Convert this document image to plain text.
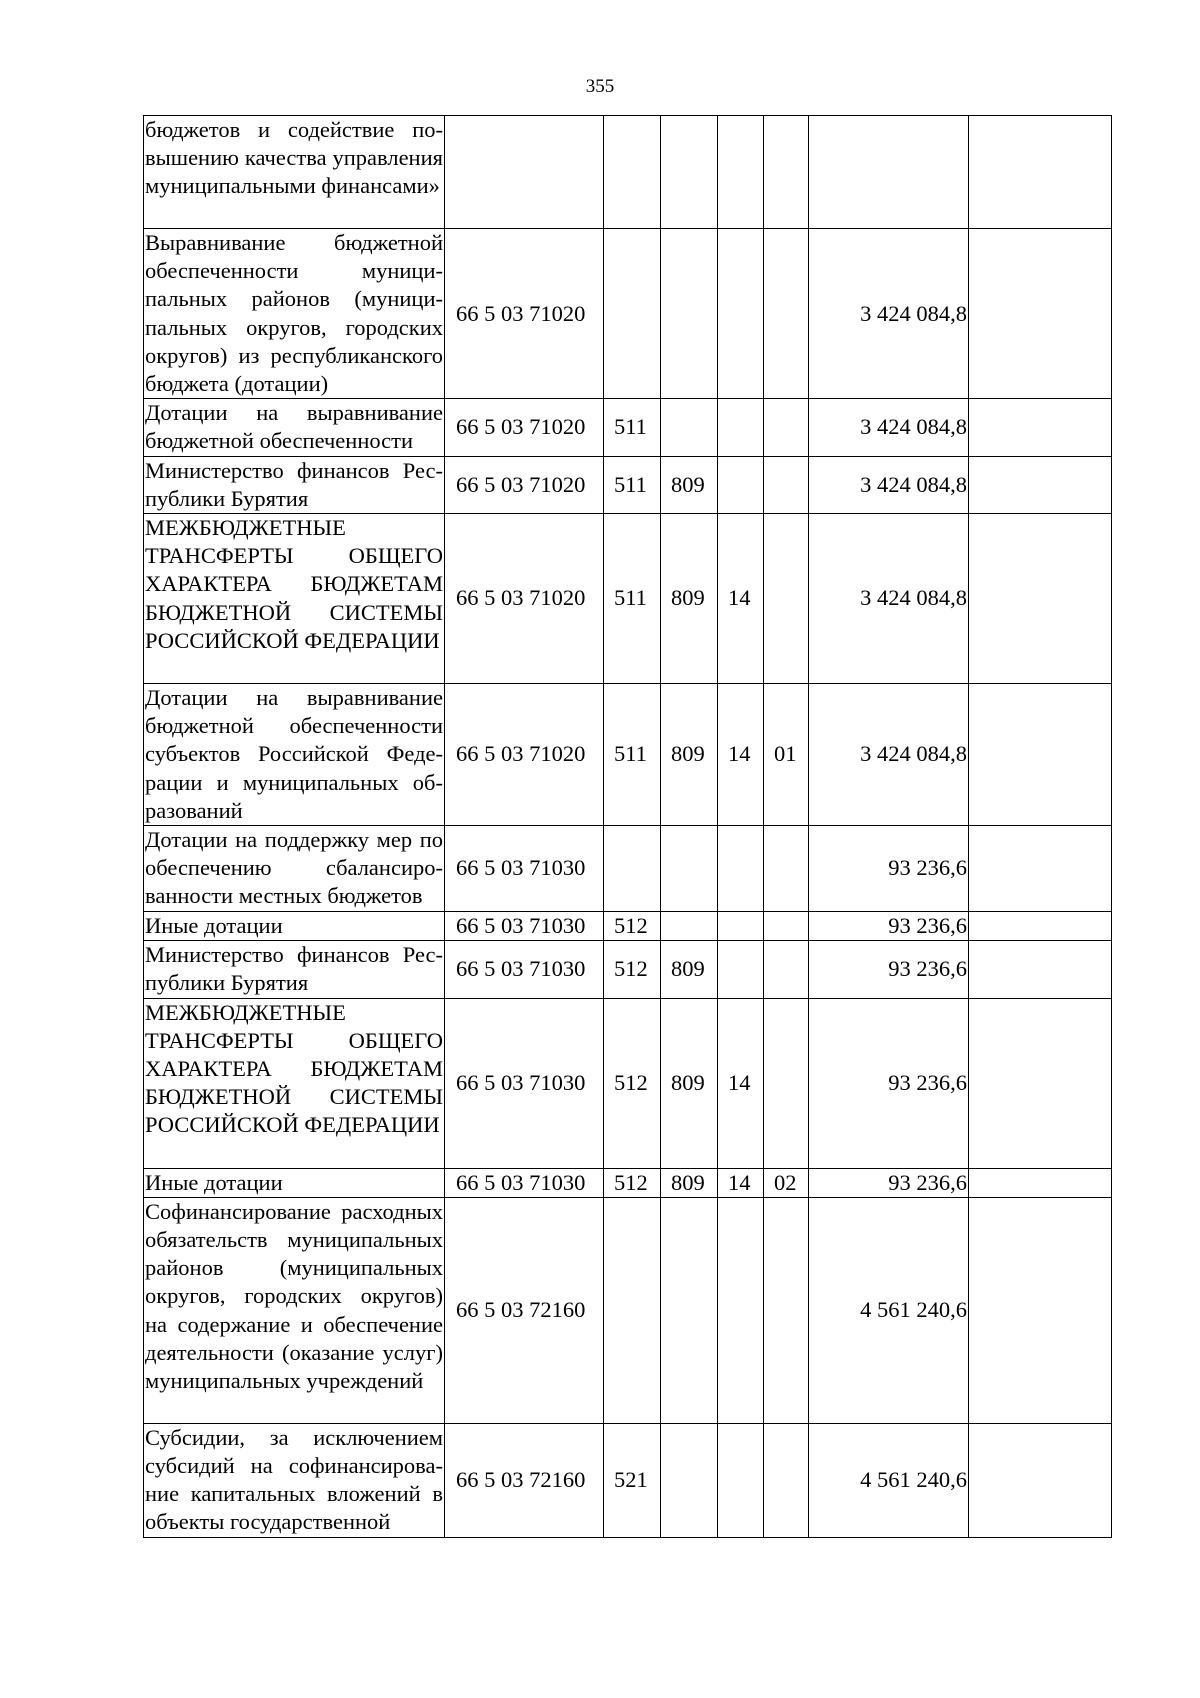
355
бюджетов и содействие повышению качества управления муниципальными финансами»							
Выравнивание бюджетной обеспеченности муниципальных районов (муниципальных округов, городских округов) из республиканского бюджета (дотации)	66 5 03 71020					3 424 084,8	
Дотации на выравнивание бюджетной обеспеченности	66 5 03 71020	511				3 424 084,8	
Министерство финансов Республики Бурятия	66 5 03 71020	511	809			3 424 084,8	
МЕЖБЮДЖЕТНЫЕ ТРАНСФЕРТЫ ОБЩЕГО ХАРАКТЕРА БЮДЖЕТАМ БЮДЖЕТНОЙ СИСТЕМЫ РОССИЙСКОЙ ФЕДЕРАЦИИ	66 5 03 71020	511	809	14		3 424 084,8	
Дотации на выравнивание бюджетной обеспеченности субъектов Российской Федерации и муниципальных образований	66 5 03 71020	511	809	14	01	3 424 084,8	
Дотации на поддержку мер по обеспечению сбалансированности местных бюджетов	66 5 03 71030					93 236,6	
Иные дотации	66 5 03 71030	512				93 236,6	
Министерство финансов Республики Бурятия	66 5 03 71030	512	809			93 236,6	
МЕЖБЮДЖЕТНЫЕ ТРАНСФЕРТЫ ОБЩЕГО ХАРАКТЕРА БЮДЖЕТАМ БЮДЖЕТНОЙ СИСТЕМЫ РОССИЙСКОЙ ФЕДЕРАЦИИ	66 5 03 71030	512	809	14		93 236,6	
Иные дотации	66 5 03 71030	512	809	14	02	93 236,6	
Софинансирование расходных обязательств муниципальных районов (муниципальных округов, городских округов) на содержание и обеспечение деятельности (оказание услуг) муниципальных учреждений	66 5 03 72160					4 561 240,6	
Субсидии, за исключением субсидий на софинансирование капитальных вложений в объекты государственной	66 5 03 72160	521				4 561 240,6	
